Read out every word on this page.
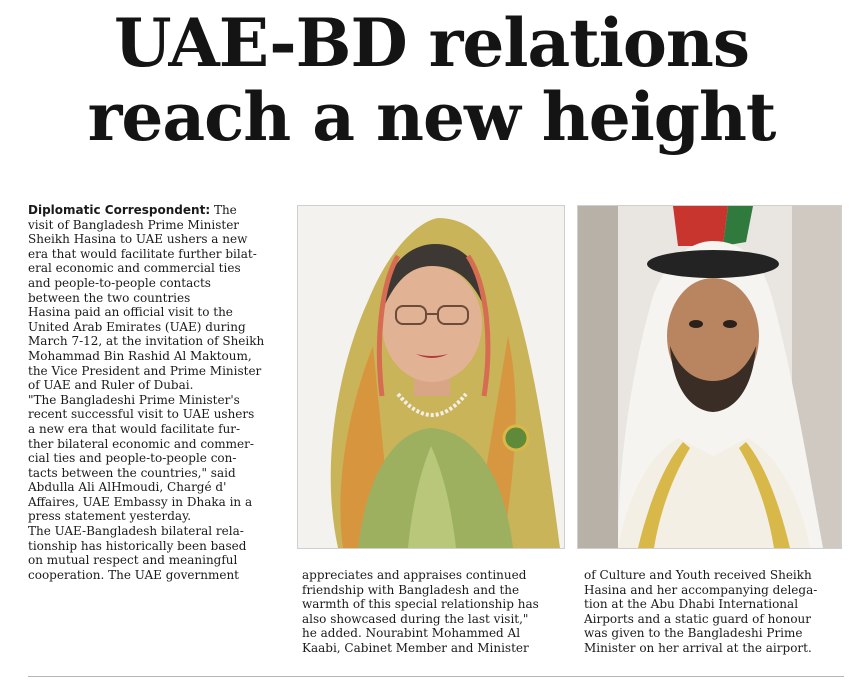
UAE-BD relations
reach a new height
Diplomatic Correspondent: The
visit of Bangladesh Prime Minister
Sheikh Hasina to UAE ushers a new
era that would facilitate further bilat-
eral economic and commercial ties
and people-to-people contacts
between the two countries
Hasina paid an official visit to the
United Arab Emirates (UAE) during
March 7-12, at the invitation of Sheikh
Mohammad Bin Rashid Al Maktoum,
the Vice President and Prime Minister
of UAE and Ruler of Dubai.
"The Bangladeshi Prime Minister's
recent successful visit to UAE ushers
a new era that would facilitate fur-
ther bilateral economic and commer-
cial ties and people-to-people con-
tacts between the countries," said
Abdulla Ali AlHmoudi, Chargé d'
Affaires, UAE Embassy in Dhaka in a
press statement yesterday.
The UAE-Bangladesh bilateral rela-
tionship has historically been based
on mutual respect and meaningful
cooperation. The UAE government	appreciates and appraises continued
friendship with Bangladesh and the
warmth of this special relationship has
also showcased during the last visit,"
he added. Nourabint Mohammed Al
Kaabi, Cabinet Member and Minister
of Culture and Youth received Sheikh
Hasina and her accompanying delega-
tion at the Abu Dhabi International
Airports and a static guard of honour
was given to the Bangladeshi Prime
Minister on her arrival at the airport.
